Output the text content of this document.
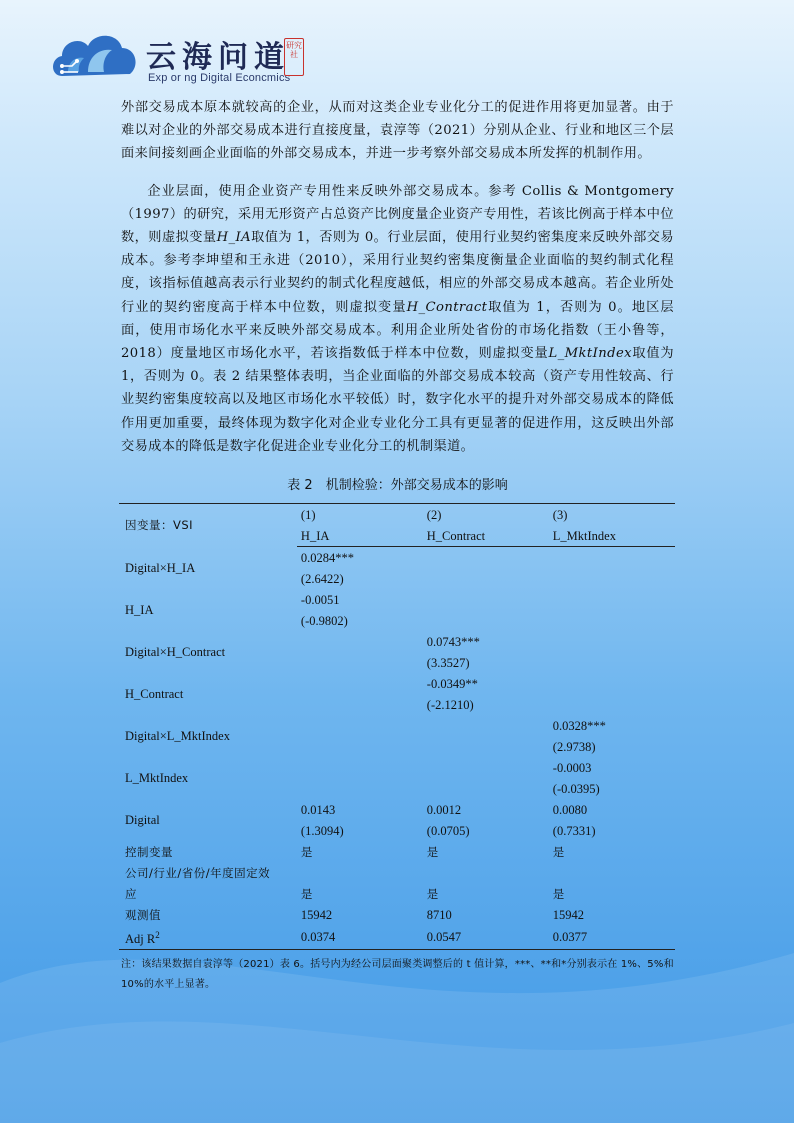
云海问道
Exp or ng Digital Econcmics
研究社

外部交易成本原本就较高的企业，从而对这类企业专业化分工的促进作用将更加显著。由于难以对企业的外部交易成本进行直接度量，袁淳等（2021）分别从企业、行业和地区三个层面来间接刻画企业面临的外部交易成本，并进一步考察外部交易成本所发挥的机制作用。

企业层面，使用企业资产专用性来反映外部交易成本。参考 Collis & Montgomery（1997）的研究，采用无形资产占总资产比例度量企业资产专用性，若该比例高于样本中位数，则虚拟变量H_IA取值为 1，否则为 0。行业层面，使用行业契约密集度来反映外部交易成本。参考李坤望和王永进（2010），采用行业契约密集度衡量企业面临的契约制式化程度，该指标值越高表示行业契约的制式化程度越低，相应的外部交易成本越高。若企业所处行业的契约密度高于样本中位数，则虚拟变量H_Contract取值为 1，否则为 0。地区层面，使用市场化水平来反映外部交易成本。利用企业所处省份的市场化指数（王小鲁等，2018）度量地区市场化水平，若该指数低于样本中位数，则虚拟变量L_MktIndex取值为 1，否则为 0。表 2 结果整体表明，当企业面临的外部交易成本较高（资产专用性较高、行业契约密集度较高以及地区市场化水平较低）时，数字化水平的提升对外部交易成本的降低作用更加重要，最终体现为数字化对企业专业化分工具有更显著的促进作用，这反映出外部交易成本的降低是数字化促进企业专业化分工的机制渠道。

表 2　机制检验：外部交易成本的影响
因变量：VSI	(1)	(2)	(3)
	H_IA	H_Contract	L_MktIndex
Digital×H_IA	0.0284***		
	(2.6422)		
H_IA	-0.0051		
	(-0.9802)		
Digital×H_Contract		0.0743***	
		(3.3527)	
H_Contract		-0.0349**	
		(-2.1210)	
Digital×L_MktIndex			0.0328***
			(2.9738)
L_MktIndex			-0.0003
			(-0.0395)
Digital	0.0143	0.0012	0.0080
	(1.3094)	(0.0705)	(0.7331)
控制变量	是	是	是
公司/行业/省份/年度固定效			
应	是	是	是
观测值	15942	8710	15942
Adj $R^2$	0.0374	0.0547	0.0377
注：该结果数据自袁淳等（2021）表 6。括号内为经公司层面聚类调整后的 t 值计算，***、**和*分别表示在 1%、5%和
10%的水平上显著。
